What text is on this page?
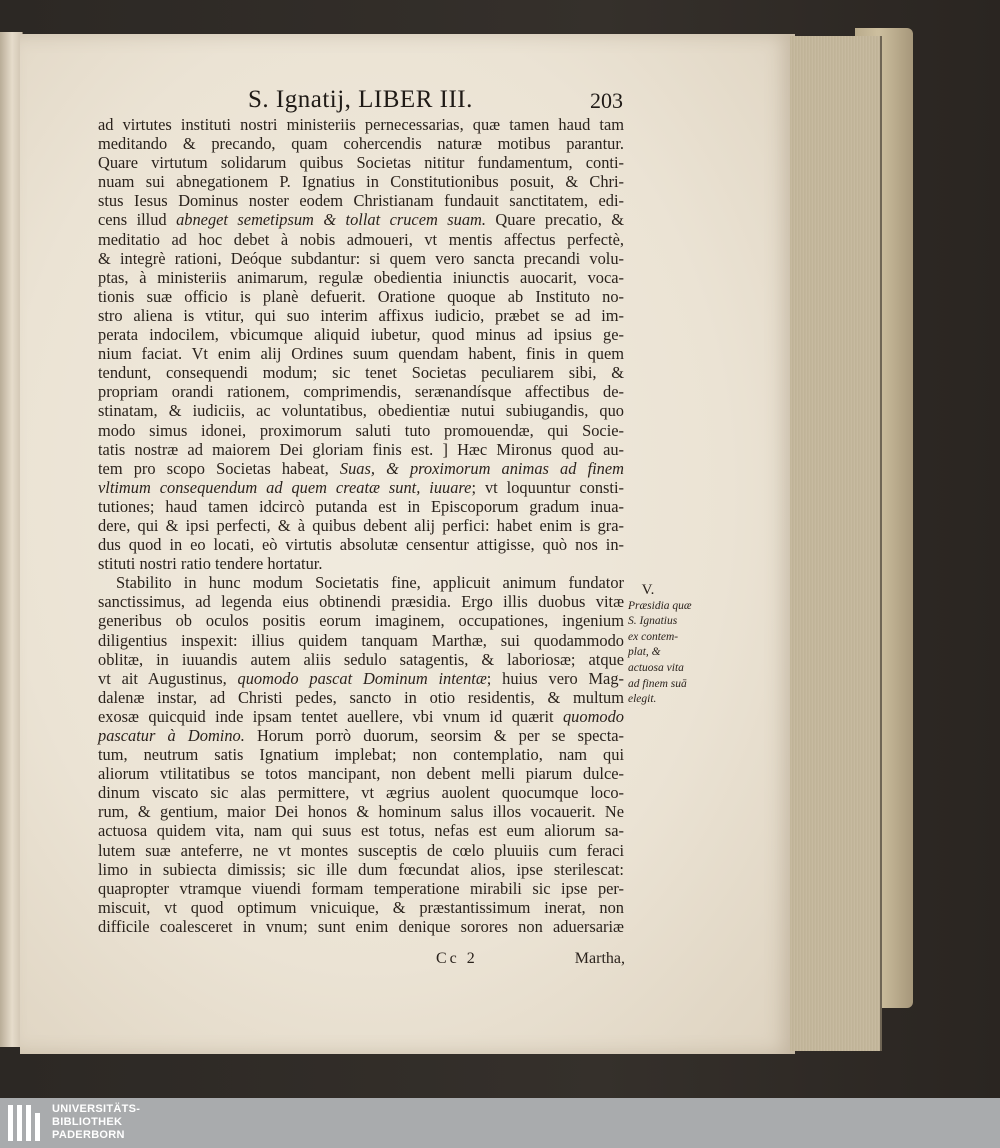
S. Ignatij, LIBER III.	203
ad virtutes instituti nostri ministeriis pernecessarias, quæ tamen haud tam
meditando & precando, quam cohercendis naturæ motibus parantur.
Quare virtutum solidarum quibus Societas nititur fundamentum, conti-
nuam sui abnegationem P. Ignatius in Constitutionibus posuit, & Chri-
stus Iesus Dominus noster eodem Christianam fundauit sanctitatem, edi-
cens illud abneget semetipsum & tollat crucem suam. Quare precatio, &
meditatio ad hoc debet à nobis admoueri, vt mentis affectus perfectè,
& integrè rationi, Deóque subdantur: si quem vero sancta precandi volu-
ptas, à ministeriis animarum, regulæ obedientia iniunctis auocarit, voca-
tionis suæ officio is planè defuerit. Oratione quoque ab Instituto no-
stro aliena is vtitur, qui suo interim affixus iudicio, præbet se ad im-
perata indocilem, vbicumque aliquid iubetur, quod minus ad ipsius ge-
nium faciat. Vt enim alij Ordines suum quendam habent, finis in quem
tendunt, consequendi modum; sic tenet Societas peculiarem sibi, &
propriam orandi rationem, comprimendis, serænandísque affectibus de-
stinatam, & iudiciis, ac voluntatibus, obedientiæ nutui subiugandis, quo
modo simus idonei, proximorum saluti tuto promouendæ, qui Socie-
tatis nostræ ad maiorem Dei gloriam finis est. ] Hæc Mironus quod au-
tem pro scopo Societas habeat, Suas, & proximorum animas ad finem
vltimum consequendum ad quem creatæ sunt, iuuare; vt loquuntur consti-
tutiones; haud tamen idcircò putanda est in Episcoporum gradum inua-
dere, qui & ipsi perfecti, & à quibus debent alij perfici: habet enim is gra-
dus quod in eo locati, eò virtutis absolutæ censentur attigisse, quò nos in-
stituti nostri ratio tendere hortatur.
Stabilito in hunc modum Societatis fine, applicuit animum fundator
sanctissimus, ad legenda eius obtinendi præsidia. Ergo illis duobus vitæ
generibus ob oculos positis eorum imaginem, occupationes, ingenium
diligentius inspexit: illius quidem tanquam Marthæ, sui quodammodo
oblitæ, in iuuandis autem aliis sedulo satagentis, & laboriosæ; atque
vt ait Augustinus, quomodo pascat Dominum intentæ; huius vero Mag-
dalenæ instar, ad Christi pedes, sancto in otio residentis, & multum
exosæ quicquid inde ipsam tentet auellere, vbi vnum id quærit quomodo
pascatur à Domino. Horum porrò duorum, seorsim & per se specta-
tum, neutrum satis Ignatium implebat; non contemplatio, nam qui
aliorum vtilitatibus se totos mancipant, non debent melli piarum dulce-
dinum viscato sic alas permittere, vt ægrius auolent quocumque loco-
rum, & gentium, maior Dei honos & hominum salus illos vocauerit. Ne
actuosa quidem vita, nam qui suus est totus, nefas est eum aliorum sa-
lutem suæ anteferre, ne vt montes susceptis de cœlo pluuiis cum feraci
limo in subiecta dimissis; sic ille dum fœcundat alios, ipse sterilescat:
quapropter vtramque viuendi formam temperatione mirabili sic ipse per-
miscuit, vt quod optimum vnicuique, & præstantissimum inerat, non
difficile coalesceret in vnum; sunt enim denique sorores non aduersariæ
V.
Præsidia quæ
S. Ignatius
ex contem-
plat, &
actuosa vita
ad finem suā
elegit.
Cc 2	Martha,
UNIVERSITÄTS-
BIBLIOTHEK
PADERBORN
